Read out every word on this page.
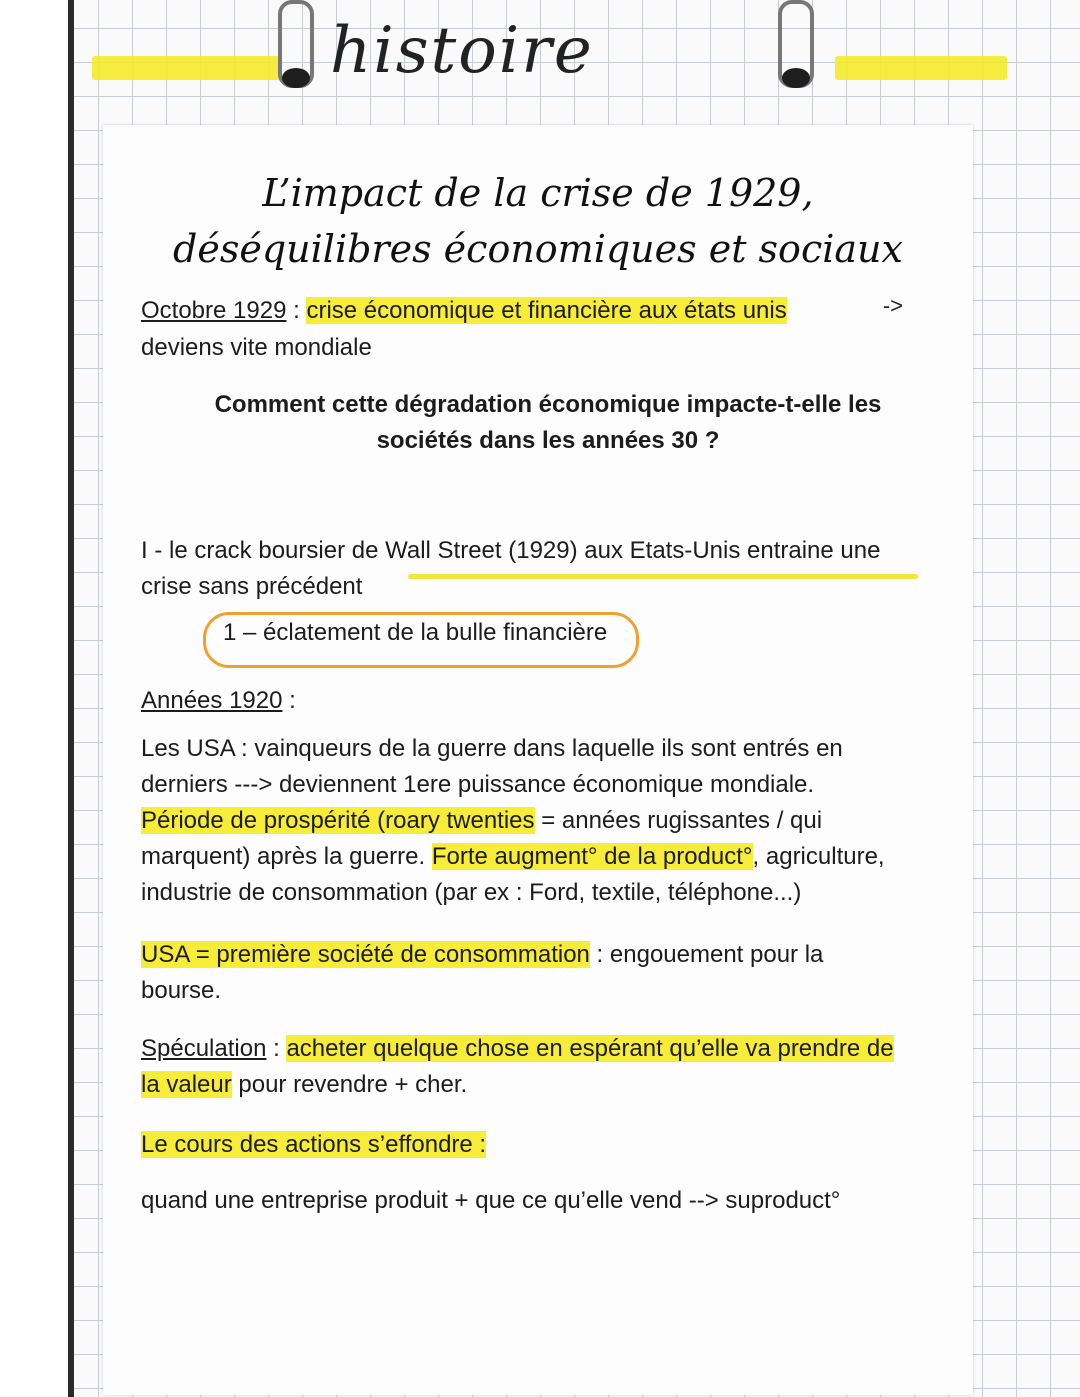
histoire
L’impact de la crise de 1929,
déséquilibres économiques et sociaux
Octobre 1929 : crise économique et financière aux états unis	->
deviens vite mondiale
Comment cette dégradation économique impacte-t-elle les
sociétés dans les années 30 ?
I - le crack boursier de Wall Street (1929) aux Etats-Unis entraine une
crise sans précédent
1 – éclatement de la bulle financière
Années 1920 :
Les USA : vainqueurs de la guerre dans laquelle ils sont entrés en
derniers ---> deviennent 1ere puissance économique mondiale.
Période de prospérité (roary twenties = années rugissantes / qui
marquent) après la guerre. Forte augment° de la product°, agriculture,
industrie de consommation (par ex : Ford, textile, téléphone...)
USA = première société de consommation : engouement pour la
bourse.
Spéculation : acheter quelque chose en espérant qu’elle va prendre de
la valeur pour revendre + cher.
Le cours des actions s’effondre :
quand une entreprise produit + que ce qu’elle vend --> suproduct°
